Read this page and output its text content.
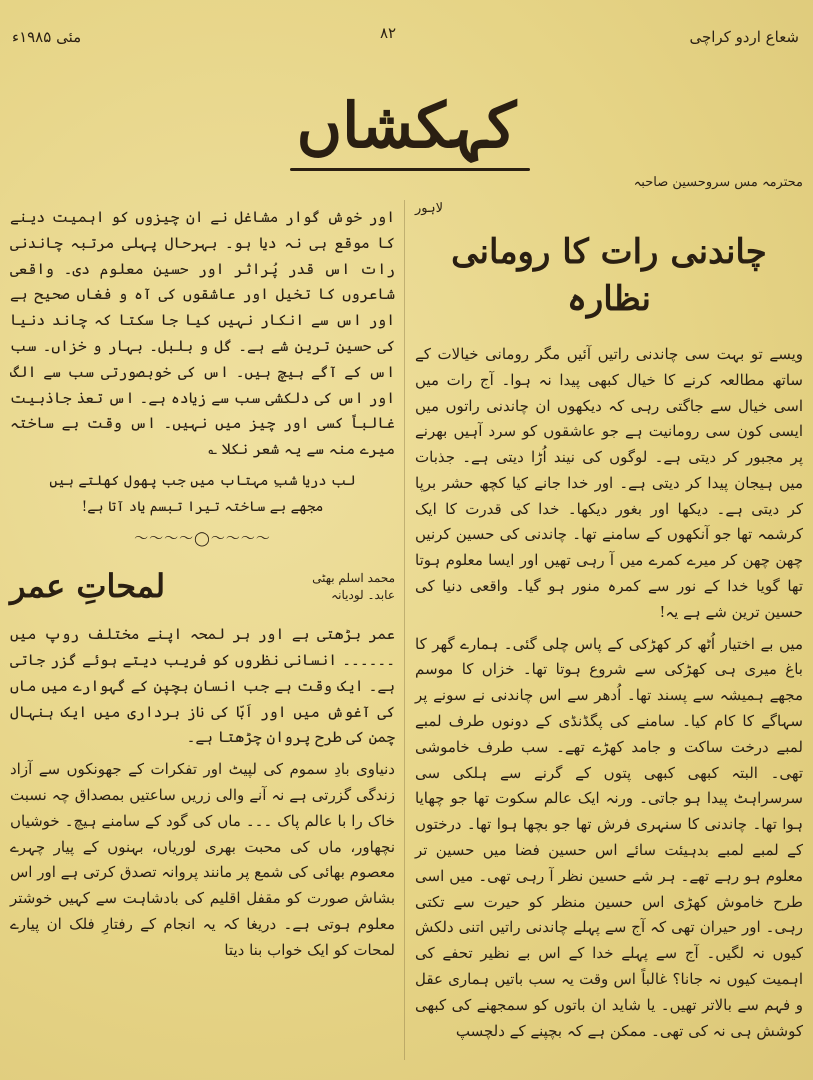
مئی ۱۹۸۵ء	۸۲	شعاع اردو کراچی
کہکشاں
محترمہ مس سروحسین صاحبہ
لاہور
چاندنی رات کا رومانی نظارہ

ویسے تو بہت سی چاندنی راتیں آئیں مگر رومانی خیالات کے ساتھ مطالعہ کرنے کا خیال کبھی پیدا نہ ہوا۔ آج رات میں اسی خیال سے جاگتی رہی کہ دیکھوں ان چاندنی راتوں میں ایسی کون سی رومانیت ہے جو عاشقوں کو سرد آہیں بھرنے پر مجبور کر دیتی ہے۔ لوگوں کی نیند اُڑا دیتی ہے۔ جذبات میں ہیجان پیدا کر دیتی ہے۔ اور خدا جانے کیا کچھ حشر برپا کر دیتی ہے۔ دیکھا اور بغور دیکھا۔ خدا کی قدرت کا ایک کرشمہ تھا جو آنکھوں کے سامنے تھا۔ چاندنی کی حسین کرنیں چھن چھن کر میرے کمرے میں آ رہی تھیں اور ایسا معلوم ہوتا تھا گویا خدا کے نور سے کمرہ منور ہو گیا۔ واقعی دنیا کی حسین ترین شے ہے یہ!

میں بے اختیار اُٹھ کر کھڑکی کے پاس چلی گئی۔ ہمارے گھر کا باغ میری ہی کھڑکی سے شروع ہوتا تھا۔ خزاں کا موسم مجھے ہمیشہ سے پسند تھا۔ اُدھر سے اس چاندنی نے سونے پر سہاگے کا کام کیا۔ سامنے کی پگڈنڈی کے دونوں طرف لمبے لمبے درخت ساکت و جامد کھڑے تھے۔ سب طرف خاموشی تھی۔ البتہ کبھی کبھی پتوں کے گرنے سے ہلکی سی سرسراہٹ پیدا ہو جاتی۔ ورنہ ایک عالم سکوت تھا جو چھایا ہوا تھا۔ چاندنی کا سنہری فرش تھا جو بچھا ہوا تھا۔ درختوں کے لمبے لمبے بدہیئت سائے اس حسین فضا میں حسین تر معلوم ہو رہے تھے۔ ہر شے حسین نظر آ رہی تھی۔ میں اسی طرح خاموش کھڑی اس حسین منظر کو حیرت سے تکتی رہی۔ اور حیران تھی کہ آج سے پہلے چاندنی راتیں اتنی دلکش کیوں نہ لگیں۔ آج سے پہلے خدا کے اس بے نظیر تحفے کی اہمیت کیوں نہ جانا؟ غالباً اس وقت یہ سب باتیں ہماری عقل و فہم سے بالاتر تھیں۔ یا شاید ان باتوں کو سمجھنے کی کبھی کوشش ہی نہ کی تھی۔ ممکن ہے کہ بچپنے کے دلچسپ

اور خوش گوار مشاغل نے ان چیزوں کو اہمیت دینے کا موقع ہی نہ دیا ہو۔ بہرحال پہلی مرتبہ چاندنی رات اس قدر پُراثر اور حسین معلوم دی۔ واقعی شاعروں کا تخیل اور عاشقوں کی آہ و فغاں صحیح ہے اور اس سے انکار نہیں کیا جا سکتا کہ چاند دنیا کی حسین ترین شے ہے۔ گل و بلبل۔ بہار و خزاں۔ سب اس کے آگے ہیچ ہیں۔ اس کی خوبصورتی سب سے الگ اور اس کی دلکشی سب سے زیادہ ہے۔ اس تعذ جاذبیت غالباً کسی اور چیز میں نہیں۔ اس وقت بے ساختہ میرے منہ سے یہ شعر نکلا ؎

لب دریا شبِ مہتاب میں جب پھول کھلتے ہیں
مجھے بے ساختہ تیرا تبسم یاد آتا ہے!
～～～～◯～～～～
محمد اسلم بھٹی
عابد۔ لودیانہ
لمحاتِ عمر

عمر بڑھتی ہے اور ہر لمحہ اپنے مختلف روپ میں ۔۔۔۔۔۔ انسانی نظروں کو فریب دیتے ہوئے گزر جاتی ہے۔ ایک وقت ہے جب انسان بچپن کے گہوارے میں ماں کی آغوش میں اور اَبّا کی ناز برداری میں ایک ہنہال چمن کی طرح پروان چڑھتا ہے۔

دنیاوی بادِ سموم کی لپیٹ اور تفکرات کے جھونکوں سے آزاد زندگی گزرتی ہے نہ آنے والی زریں ساعتیں بمصداق چہ نسبت خاک را با عالم پاک ۔۔۔ ماں کی گود کے سامنے ہیچ۔ خوشیاں نچھاور، ماں کی محبت بھری لوریاں، بہنوں کے پیار چہرے معصوم بھائی کی شمع پر مانند پروانہ تصدق کرتی ہے اور اس بشاش صورت کو مقفل اقلیم کی بادشاہت سے کہیں خوشتر معلوم ہوتی ہے۔ دریغا کہ یہ انجام کے رفتارِ فلک ان پیارے لمحات کو ایک خواب بنا دیتا
